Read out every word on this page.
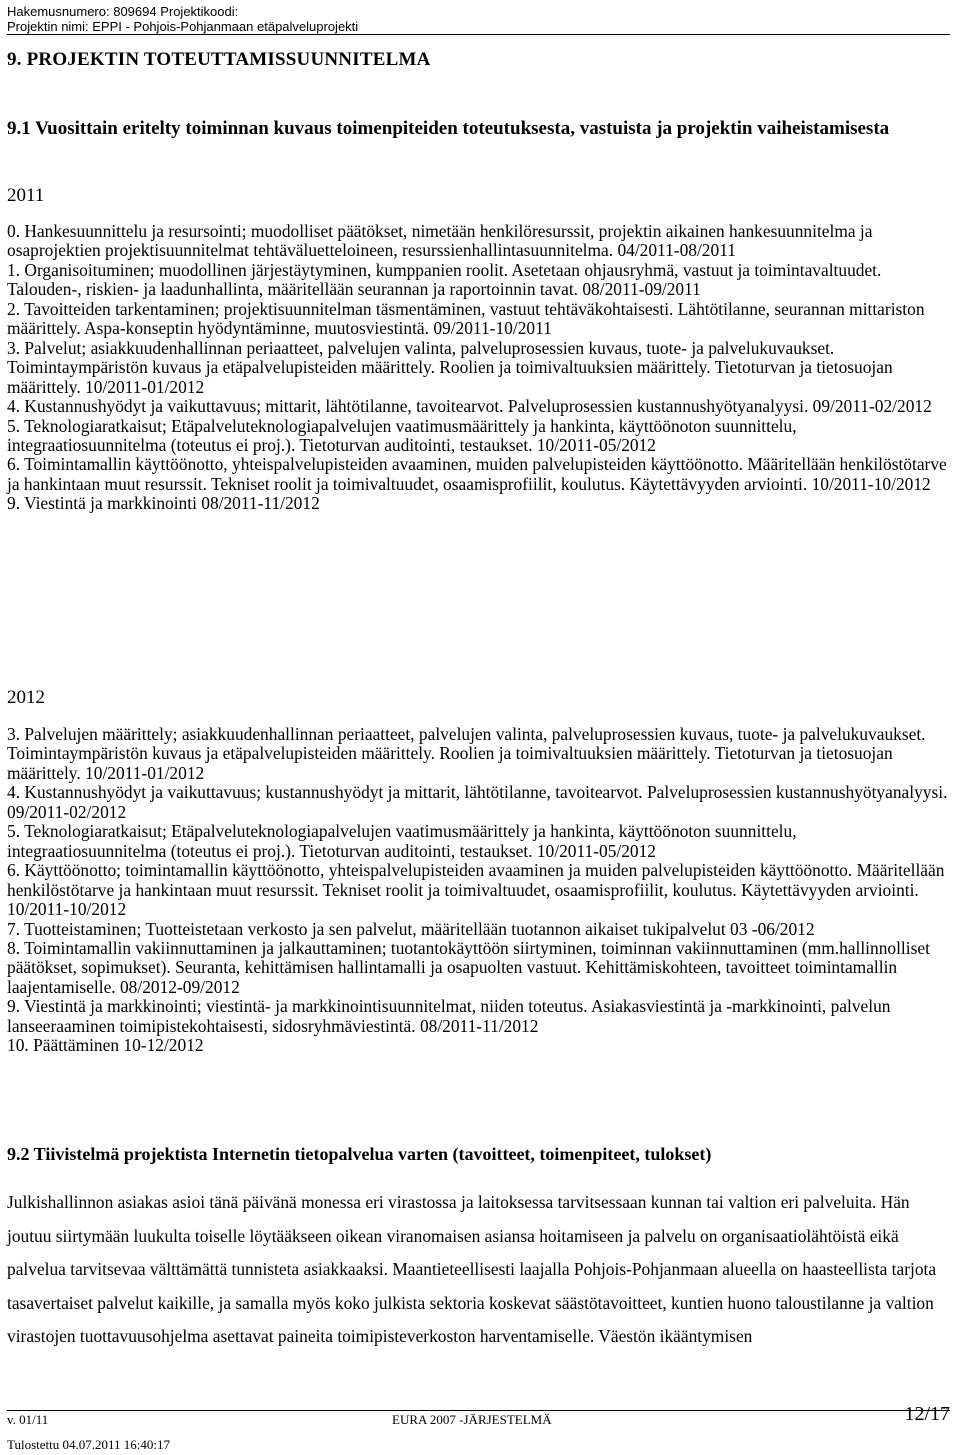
Hakemusnumero: 809694 Projektikoodi:
Projektin nimi: EPPI - Pohjois-Pohjanmaan etäpalveluprojekti
9. PROJEKTIN TOTEUTTAMISSUUNNITELMA
9.1 Vuosittain eritelty toiminnan kuvaus toimenpiteiden toteutuksesta, vastuista ja projektin vaiheistamisesta
2011

0. Hankesuunnittelu ja resursointi; muodolliset päätökset, nimetään henkilöresurssit, projektin aikainen hankesuunnitelma ja osaprojektien projektisuunnitelmat tehtäväluetteloineen, resurssienhallintasuunnitelma. 04/2011-08/2011

1. Organisoituminen; muodollinen järjestäytyminen, kumppanien roolit. Asetetaan ohjausryhmä, vastuut ja toimintavaltuudet. Talouden-, riskien- ja laadunhallinta, määritellään seurannan ja raportoinnin tavat. 08/2011-09/2011

2. Tavoitteiden tarkentaminen; projektisuunnitelman täsmentäminen, vastuut tehtäväkohtaisesti. Lähtötilanne, seurannan mittariston määrittely. Aspa-konseptin hyödyntäminne, muutosviestintä. 09/2011-10/2011

3. Palvelut; asiakkuudenhallinnan periaatteet, palvelujen valinta, palveluprosessien kuvaus, tuote- ja palvelukuvaukset. Toimintaympäristön kuvaus ja etäpalvelupisteiden määrittely. Roolien ja toimivaltuuksien määrittely. Tietoturvan ja tietosuojan määrittely. 10/2011-01/2012

4. Kustannushyödyt ja vaikuttavuus; mittarit, lähtötilanne, tavoitearvot. Palveluprosessien kustannushyötyanalyysi. 09/2011-02/2012

5. Teknologiaratkaisut; Etäpalveluteknologiapalvelujen vaatimusmäärittely ja hankinta, käyttöönoton suunnittelu, integraatiosuunnitelma (toteutus ei proj.). Tietoturvan auditointi, testaukset. 10/2011-05/2012

6. Toimintamallin käyttöönotto, yhteispalvelupisteiden avaaminen, muiden palvelupisteiden käyttöönotto. Määritellään henkilöstötarve ja hankintaan muut resurssit. Tekniset roolit ja toimivaltuudet, osaamisprofiilit, koulutus. Käytettävyyden arviointi. 10/2011-10/2012

9. Viestintä ja markkinointi 08/2011-11/2012

2012

3. Palvelujen määrittely; asiakkuudenhallinnan periaatteet, palvelujen valinta, palveluprosessien kuvaus, tuote- ja palvelukuvaukset. Toimintaympäristön kuvaus ja etäpalvelupisteiden määrittely. Roolien ja toimivaltuuksien määrittely. Tietoturvan ja tietosuojan määrittely. 10/2011-01/2012

4. Kustannushyödyt ja vaikuttavuus; kustannushyödyt ja mittarit, lähtötilanne, tavoitearvot. Palveluprosessien kustannushyötyanalyysi. 09/2011-02/2012

5. Teknologiaratkaisut; Etäpalveluteknologiapalvelujen vaatimusmäärittely ja hankinta, käyttöönoton suunnittelu, integraatiosuunnitelma (toteutus ei proj.). Tietoturvan auditointi, testaukset. 10/2011-05/2012

6. Käyttöönotto; toimintamallin käyttöönotto, yhteispalvelupisteiden avaaminen ja muiden palvelupisteiden käyttöönotto. Määritellään henkilöstötarve ja hankintaan muut resurssit. Tekniset roolit ja toimivaltuudet, osaamisprofiilit, koulutus. Käytettävyyden arviointi. 10/2011-10/2012

7. Tuotteistaminen; Tuotteistetaan verkosto ja sen palvelut, määritellään tuotannon aikaiset tukipalvelut 03 -06/2012

8. Toimintamallin vakiinnuttaminen ja jalkauttaminen; tuotantokäyttöön siirtyminen, toiminnan vakiinnuttaminen (mm.hallinnolliset päätökset, sopimukset). Seuranta, kehittämisen hallintamalli ja osapuolten vastuut. Kehittämiskohteen, tavoitteet toimintamallin laajentamiselle. 08/2012-09/2012

9. Viestintä ja markkinointi; viestintä- ja markkinointisuunnitelmat, niiden toteutus. Asiakasviestintä ja -markkinointi, palvelun lanseeraaminen toimipistekohtaisesti, sidosryhmäviestintä. 08/2011-11/2012

10. Päättäminen 10-12/2012

9.2 Tiivistelmä projektista Internetin tietopalvelua varten (tavoitteet, toimenpiteet, tulokset)

Julkishallinnon asiakas asioi tänä päivänä monessa eri virastossa ja laitoksessa tarvitsessaan kunnan tai valtion eri palveluita. Hän joutuu siirtymään luukulta toiselle löytääkseen oikean viranomaisen asiansa hoitamiseen ja palvelu on organisaatiolähtöistä eikä palvelua tarvitsevaa välttämättä tunnisteta asiakkaaksi. Maantieteellisesti laajalla Pohjois-Pohjanmaan alueella on haasteellista tarjota tasavertaiset palvelut kaikille, ja samalla myös koko julkista sektoria koskevat säästötavoitteet, kuntien huono taloustilanne ja valtion virastojen tuottavuusohjelma asettavat paineita toimipisteverkoston harventamiselle. Väestön ikääntymisen

v. 01/11	EURA 2007 -JÄRJESTELMÄ	12/17
Tulostettu 04.07.2011 16:40:17
